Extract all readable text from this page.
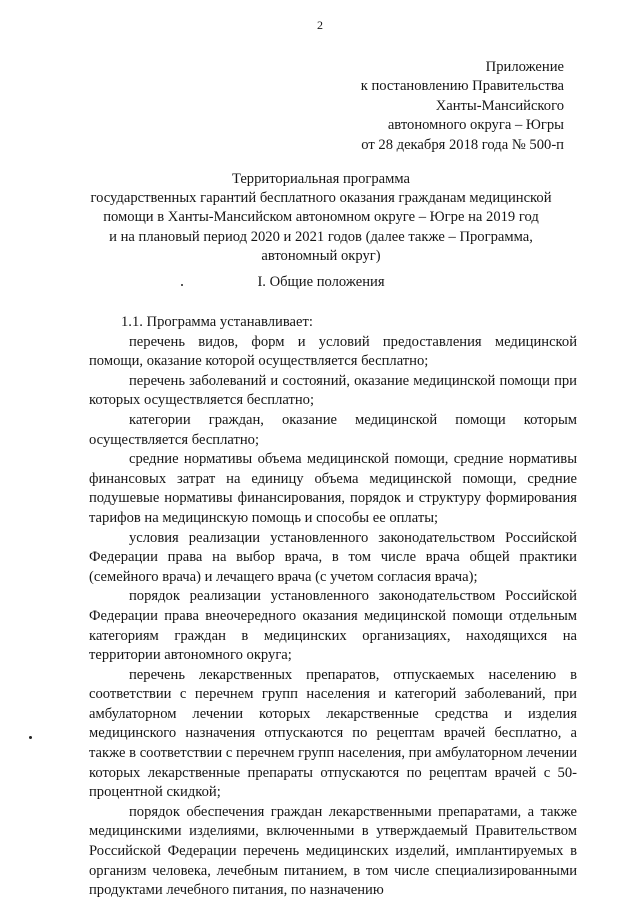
2
Приложение
к постановлению Правительства
Ханты-Мансийского
автономного округа – Югры
от 28 декабря 2018 года № 500-п
Территориальная программа
государственных гарантий бесплатного оказания гражданам медицинской
помощи в Ханты-Мансийском автономном округе – Югре на 2019 год
и на плановый период 2020 и 2021 годов (далее также – Программа,
автономный округ)
I. Общие положения

1.1. Программа устанавливает:

перечень видов, форм и условий предоставления медицинской помощи, оказание которой осуществляется бесплатно;

перечень заболеваний и состояний, оказание медицинской помощи при которых осуществляется бесплатно;

категории граждан, оказание медицинской помощи которым осуществляется бесплатно;

средние нормативы объема медицинской помощи, средние нормативы финансовых затрат на единицу объема медицинской помощи, средние подушевые нормативы финансирования, порядок и структуру формирования тарифов на медицинскую помощь и способы ее оплаты;

условия реализации установленного законодательством Российской Федерации права на выбор врача, в том числе врача общей практики (семейного врача) и лечащего врача (с учетом согласия врача);

порядок реализации установленного законодательством Российской Федерации права внеочередного оказания медицинской помощи отдельным категориям граждан в медицинских организациях, находящихся на территории автономного округа;

перечень лекарственных препаратов, отпускаемых населению в соответствии с перечнем групп населения и категорий заболеваний, при амбулаторном лечении которых лекарственные средства и изделия медицинского назначения отпускаются по рецептам врачей бесплатно, а также в соответствии с перечнем групп населения, при амбулаторном лечении которых лекарственные препараты отпускаются по рецептам врачей с 50-процентной скидкой;

порядок обеспечения граждан лекарственными препаратами, а также медицинскими изделиями, включенными в утверждаемый Правительством Российской Федерации перечень медицинских изделий, имплантируемых в организм человека, лечебным питанием, в том числе специализированными продуктами лечебного питания, по назначению
